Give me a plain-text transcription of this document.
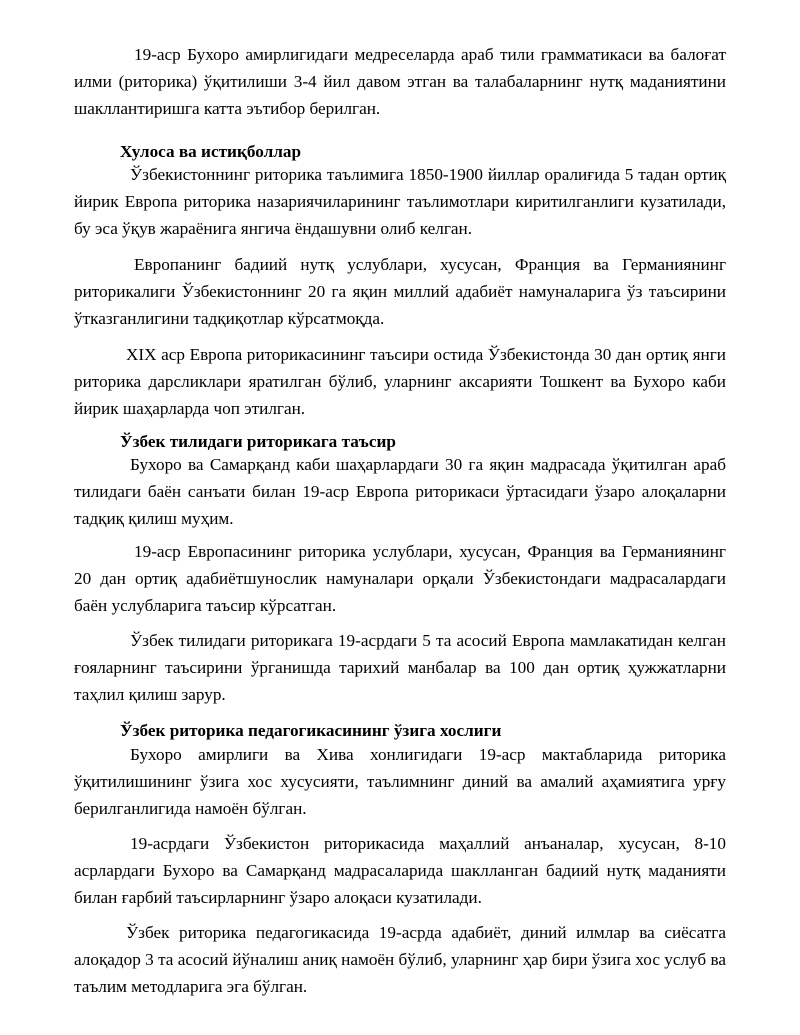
19-аср Бухоро амирлигидаги медреселарда араб тили грамматикаси ва балоғат илми (риторика) ўқитилиши 3-4 йил давом этган ва талабаларнинг нутқ маданиятини шакллантиришга катта эътибор берилган.

Хулоса ва истиқболлар

Ўзбекистоннинг риторика таълимига 1850-1900 йиллар оралиғида 5 тадан ортиқ йирик Европа риторика назариячиларининг таълимотлари киритилганлиги кузатилади, бу эса ўқув жараёнига янгича ёндашувни олиб келган.

Европанинг бадиий нутқ услублари, хусусан, Франция ва Германиянинг риторикалиги Ўзбекистоннинг 20 га яқин миллий адабиёт намуналарига ўз таъсирини ўтказганлигини тадқиқотлар кўрсатмоқда.

XIX аср Европа риторикасининг таъсири остида Ўзбекистонда 30 дан ортиқ янги риторика дарсликлари яратилган бўлиб, уларнинг аксарияти Тошкент ва Бухоро каби йирик шаҳарларда чоп этилган.

Ўзбек тилидаги риторикага таъсир

Бухоро ва Самарқанд каби шаҳарлардаги 30 га яқин мадрасада ўқитилган араб тилидаги баён санъати билан 19-аср Европа риторикаси ўртасидаги ўзаро алоқаларни тадқиқ қилиш муҳим.

19-аср Европасининг риторика услублари, хусусан, Франция ва Германиянинг 20 дан ортиқ адабиётшунослик намуналари орқали Ўзбекистондаги мадрасалардаги баён услубларига таъсир кўрсатган.

Ўзбек тилидаги риторикага 19-асрдаги 5 та асосий Европа мамлакатидан келган ғояларнинг таъсирини ўрганишда тарихий манбалар ва 100 дан ортиқ ҳужжатларни таҳлил қилиш зарур.

Ўзбек риторика педагогикасининг ўзига хослиги

Бухоро амирлиги ва Хива хонлигидаги 19-аср мактабларида риторика ўқитилишининг ўзига хос хусусияти, таълимнинг диний ва амалий аҳамиятига урғу берилганлигида намоён бўлган.

19-асрдаги Ўзбекистон риторикасида маҳаллий анъаналар, хусусан, 8-10 асрлардаги Бухоро ва Самарқанд мадрасаларида шаклланган бадиий нутқ маданияти билан ғарбий таъсирларнинг ўзаро алоқаси кузатилади.

Ўзбек риторика педагогикасида 19-асрда адабиёт, диний илмлар ва сиёсатга алоқадор 3 та асосий йўналиш аниқ намоён бўлиб, уларнинг ҳар бири ўзига хос услуб ва таълим методларига эга бўлган.
